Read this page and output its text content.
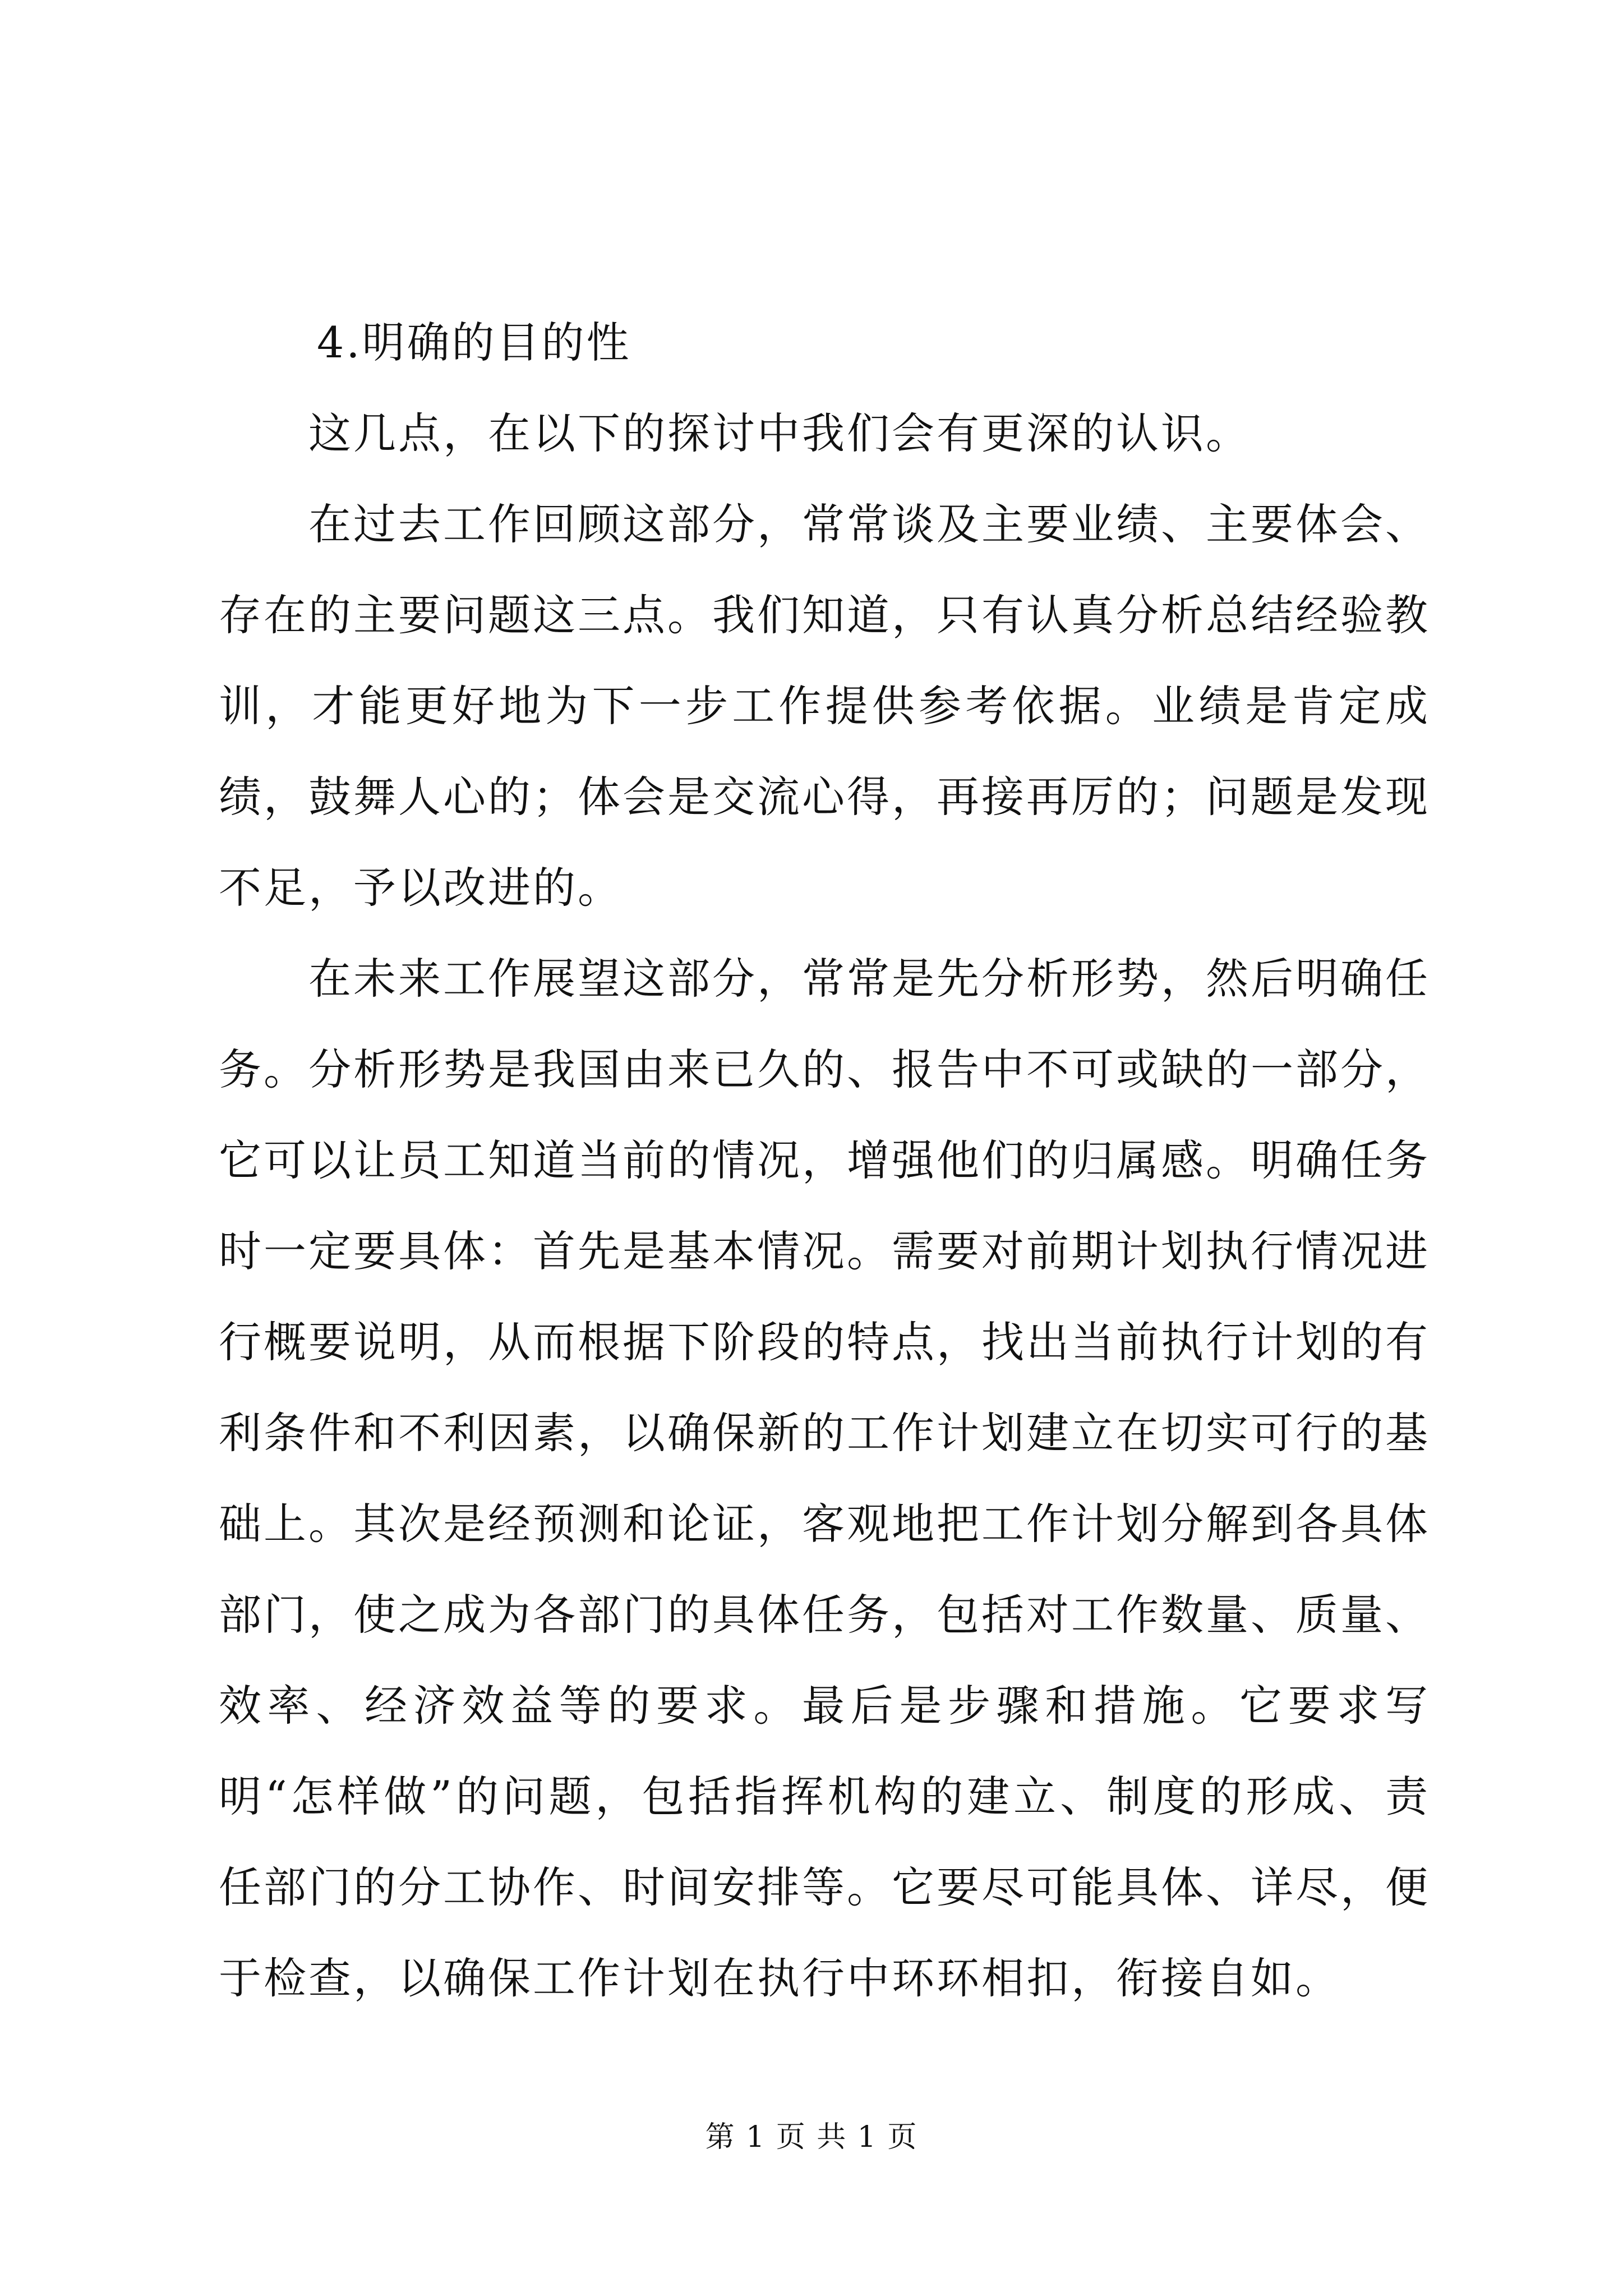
4.明确的目的性

这几点，在以下的探讨中我们会有更深的认识。

在过去工作回顾这部分，常常谈及主要业绩、主要体会、存在的主要问题这三点。我们知道，只有认真分析总结经验教训，才能更好地为下一步工作提供参考依据。业绩是肯定成绩，鼓舞人心的；体会是交流心得，再接再厉的；问题是发现不足，予以改进的。

在未来工作展望这部分，常常是先分析形势，然后明确任务。分析形势是我国由来已久的、报告中不可或缺的一部分，它可以让员工知道当前的情况，增强他们的归属感。明确任务时一定要具体：首先是基本情况。需要对前期计划执行情况进行概要说明，从而根据下阶段的特点，找出当前执行计划的有利条件和不利因素，以确保新的工作计划建立在切实可行的基础上。其次是经预测和论证，客观地把工作计划分解到各具体部门，使之成为各部门的具体任务，包括对工作数量、质量、效率、经济效益等的要求。最后是步骤和措施。它要求写明“怎样做”的问题，包括指挥机构的建立、制度的形成、责任部门的分工协作、时间安排等。它要尽可能具体、详尽，便于检查，以确保工作计划在执行中环环相扣，衔接自如。

第 1 页 共 1 页
